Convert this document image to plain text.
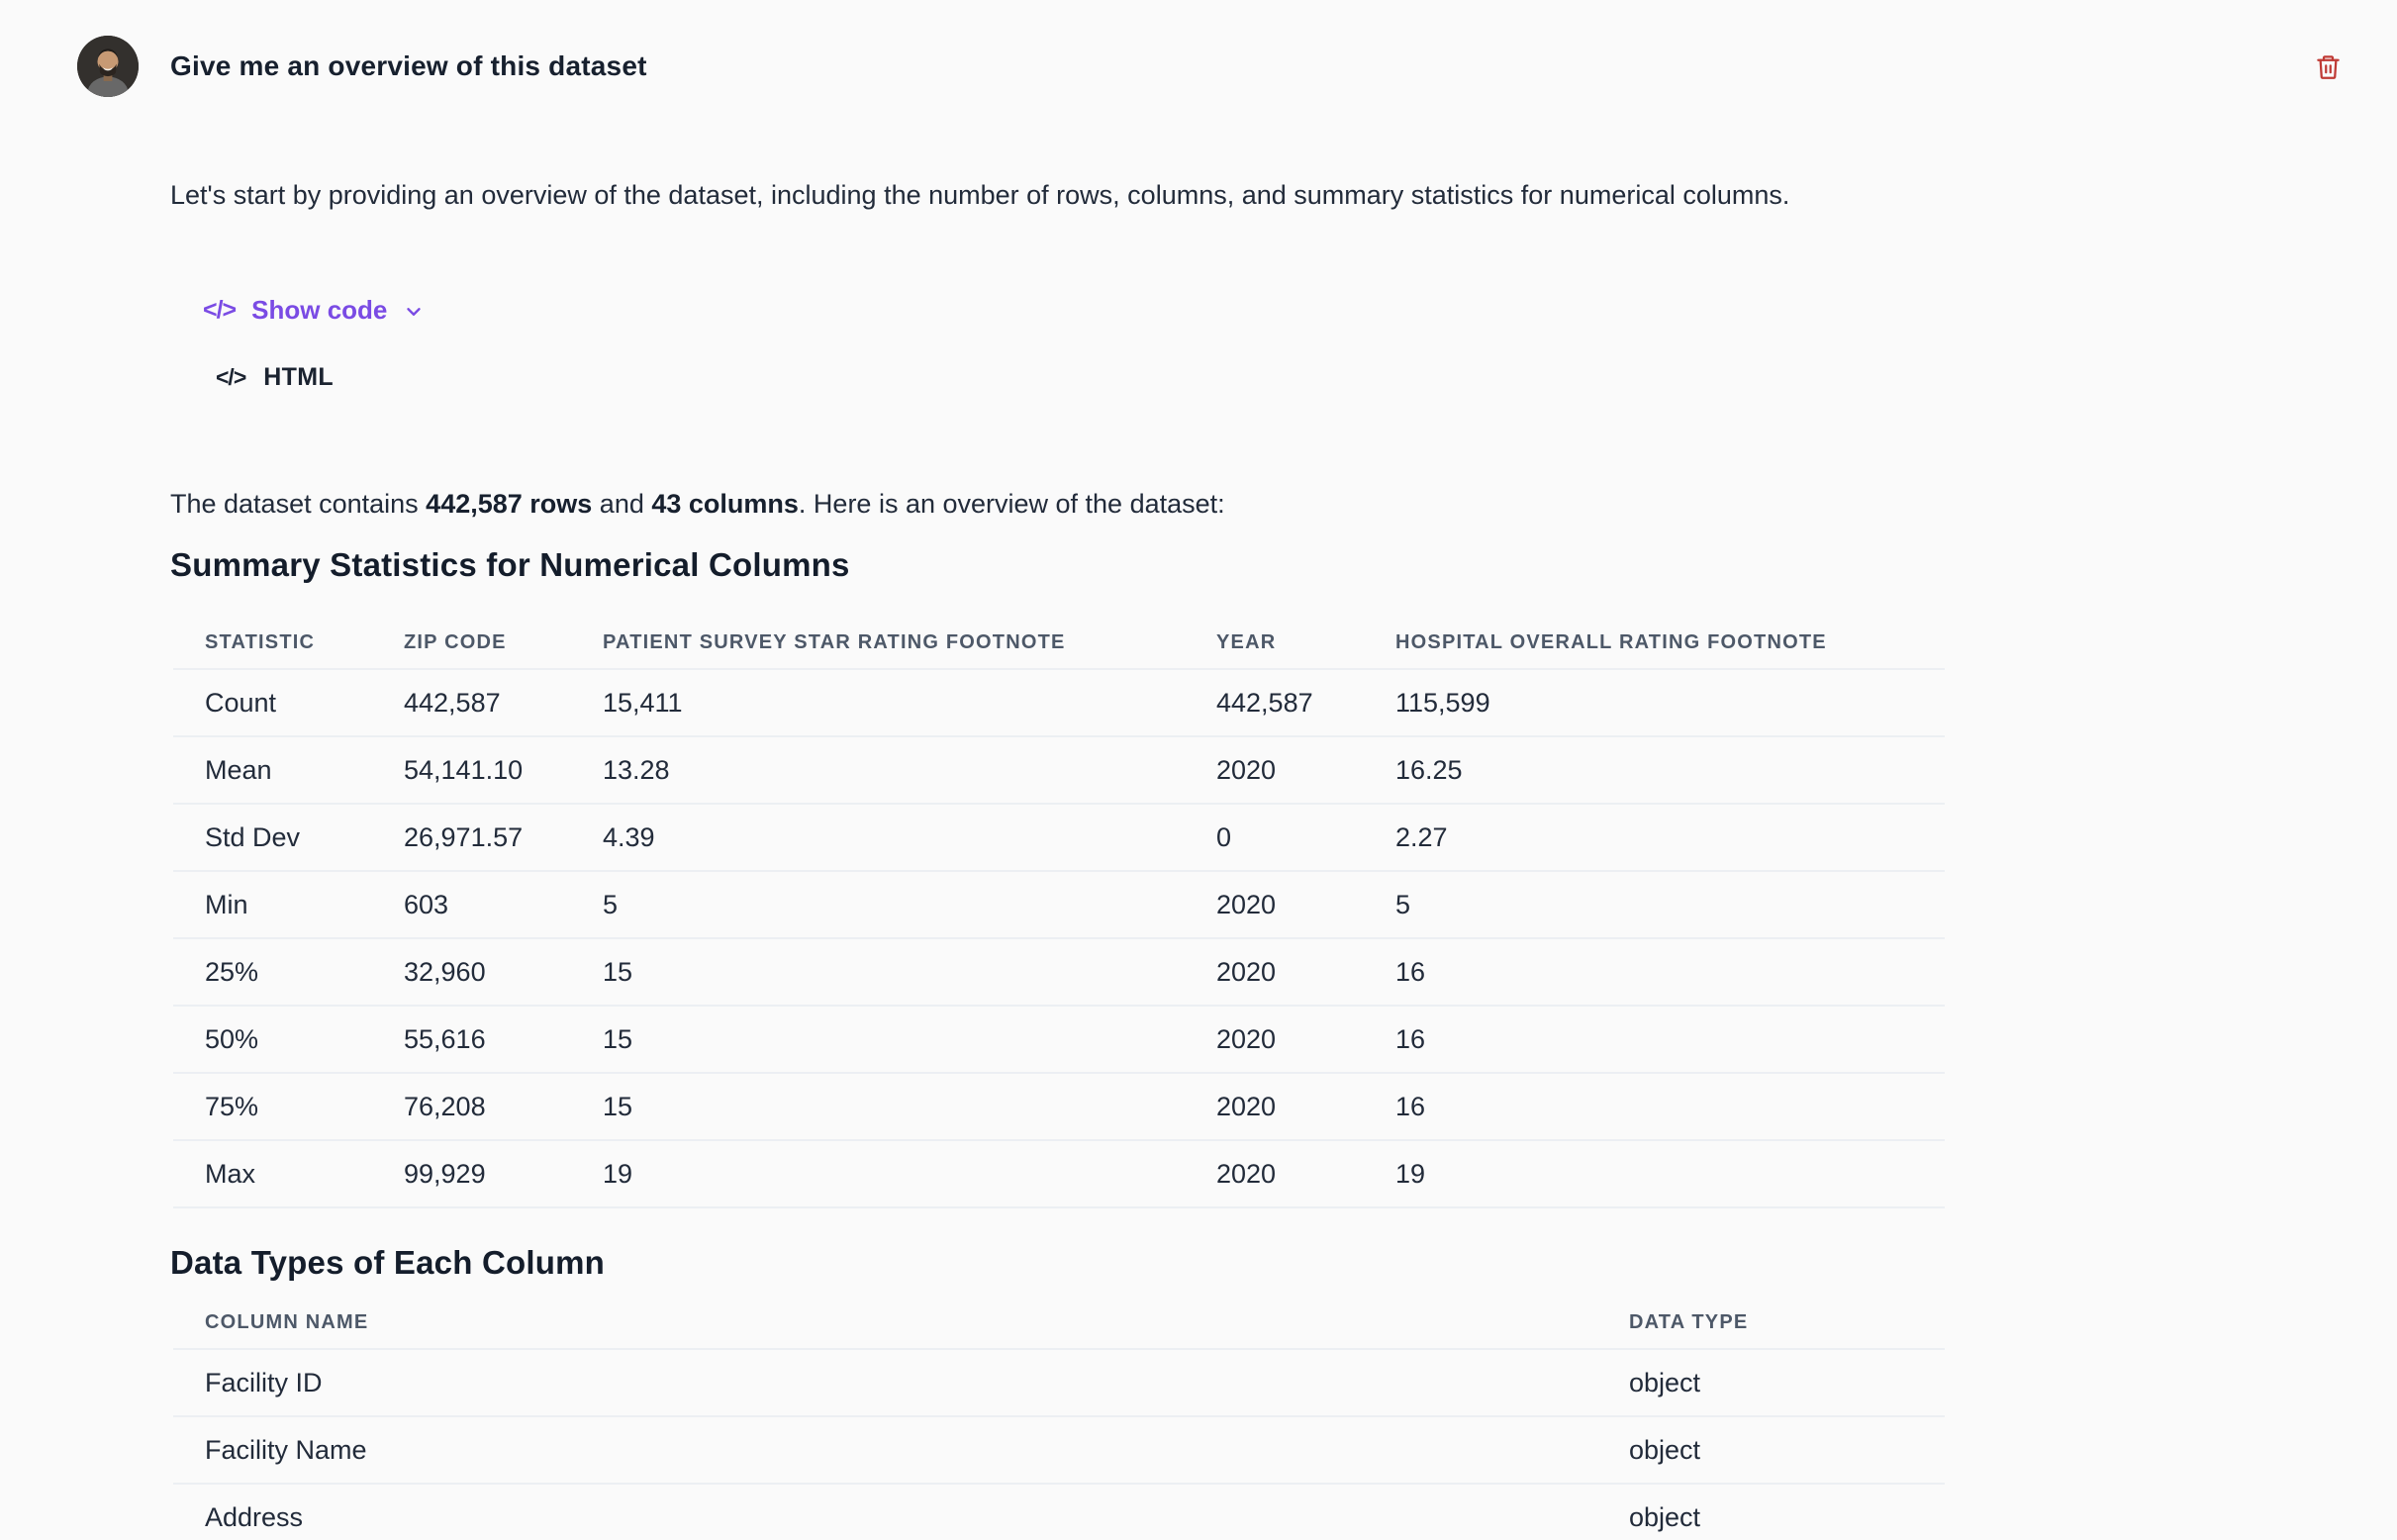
Give me an overview of this dataset

Let's start by providing an overview of the dataset, including the number of rows, columns, and summary statistics for numerical columns.

</> Show code
</> HTML

The dataset contains 442,587 rows and 43 columns. Here is an overview of the dataset:

Summary Statistics for Numerical Columns
STATISTIC	ZIP CODE	PATIENT SURVEY STAR RATING FOOTNOTE	YEAR	HOSPITAL OVERALL RATING FOOTNOTE
Count	442,587	15,411	442,587	115,599
Mean	54,141.10	13.28	2020	16.25
Std Dev	26,971.57	4.39	0	2.27
Min	603	5	2020	5
25%	32,960	15	2020	16
50%	55,616	15	2020	16
75%	76,208	15	2020	16
Max	99,929	19	2020	19
Data Types of Each Column
COLUMN NAME	DATA TYPE
Facility ID	object
Facility Name	object
Address	object
